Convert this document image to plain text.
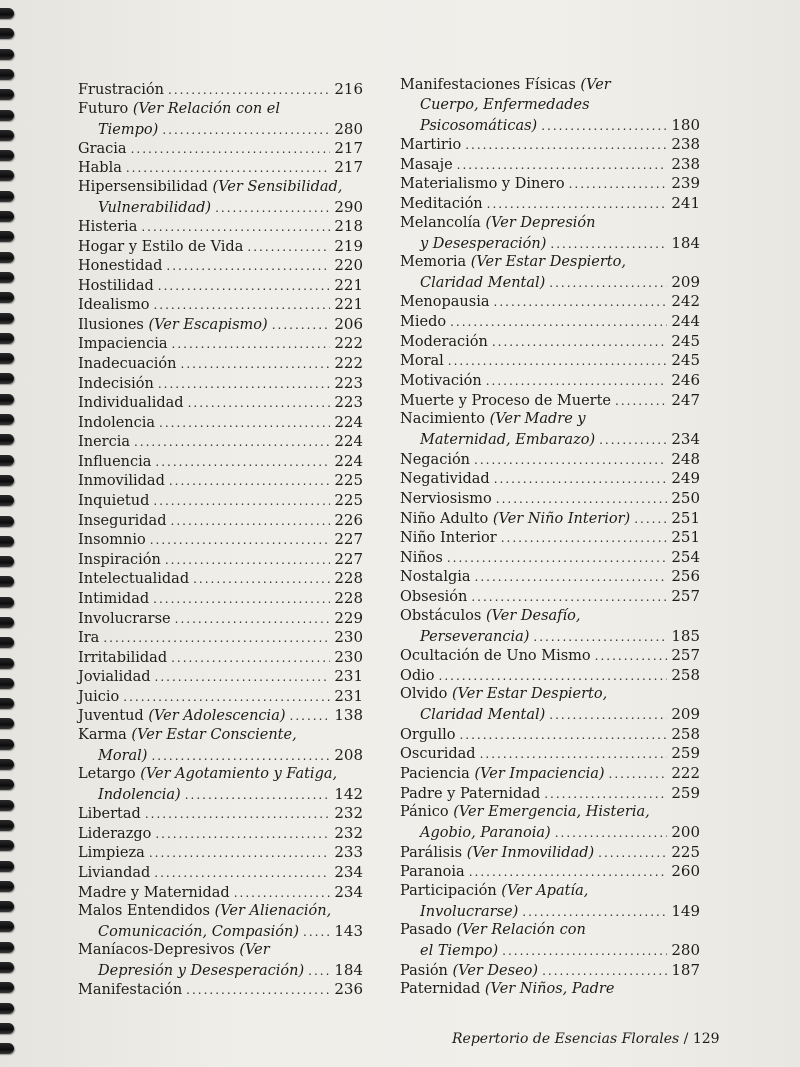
Frustración .....	216
Futuro (Ver Relación con el
Tiempo) .....	280
Gracia .....	217
Habla .....	217
Hipersensibilidad (Ver Sensibilidad,
Vulnerabilidad) .....	290
Histeria .....	218
Hogar y Estilo de Vida .....	219
Honestidad .....	220
Hostilidad .....	221
Idealismo .....	221
Ilusiones (Ver Escapismo) .....	206
Impaciencia .....	222
Inadecuación .....	222
Indecisión .....	223
Individualidad .....	223
Indolencia .....	224
Inercia .....	224
Influencia .....	224
Inmovilidad .....	225
Inquietud .....	225
Inseguridad .....	226
Insomnio .....	227
Inspiración .....	227
Intelectualidad .....	228
Intimidad .....	228
Involucrarse .....	229
Ira .....	230
Irritabilidad .....	230
Jovialidad .....	231
Juicio .....	231
Juventud (Ver Adolescencia) .....	138
Karma (Ver Estar Consciente,
Moral) .....	208
Letargo (Ver Agotamiento y Fatiga,
Indolencia) .....	142
Libertad .....	232
Liderazgo .....	232
Limpieza .....	233
Liviandad .....	234
Madre y Maternidad .....	234
Malos Entendidos (Ver Alienación,
Comunicación, Compasión) ..... 143
Maníacos-Depresivos (Ver
Depresión y Desesperación) ..... 184
Manifestación .....	236
Manifestaciones Físicas (Ver
Cuerpo, Enfermedades
Psicosomáticas) .....	180
Martirio .....	238
Masaje .....	238
Materialismo y Dinero .....	239
Meditación .....	241
Melancolía (Ver Depresión
y Desesperación) .....	184
Memoria (Ver Estar Despierto,
Claridad Mental) .....	209
Menopausia .....	242
Miedo .....	244
Moderación .....	245
Moral .....	245
Motivación .....	246
Muerte y Proceso de Muerte .....	247
Nacimiento (Ver Madre y
Maternidad, Embarazo) .....	234
Negación .....	248
Negatividad .....	249
Nerviosismo .....	250
Niño Adulto (Ver Niño Interior) .....	251
Niño Interior .....	251
Niños .....	254
Nostalgia .....	256
Obsesión .....	257
Obstáculos (Ver Desafío,
Perseverancia) .....	185
Ocultación de Uno Mismo .....	257
Odio .....	258
Olvido (Ver Estar Despierto,
Claridad Mental) .....	209
Orgullo .....	258
Oscuridad .....	259
Paciencia (Ver Impaciencia) .....	222
Padre y Paternidad .....	259
Pánico (Ver Emergencia, Histeria,
Agobio, Paranoia) .....	200
Parálisis (Ver Inmovilidad) .....	225
Paranoia .....	260
Participación (Ver Apatía,
Involucrarse) .....	149
Pasado (Ver Relación con
el Tiempo) .....	280
Pasión (Ver Deseo) .....	187
Paternidad (Ver Niños, Padre
Repertorio de Esencias Florales / 129
